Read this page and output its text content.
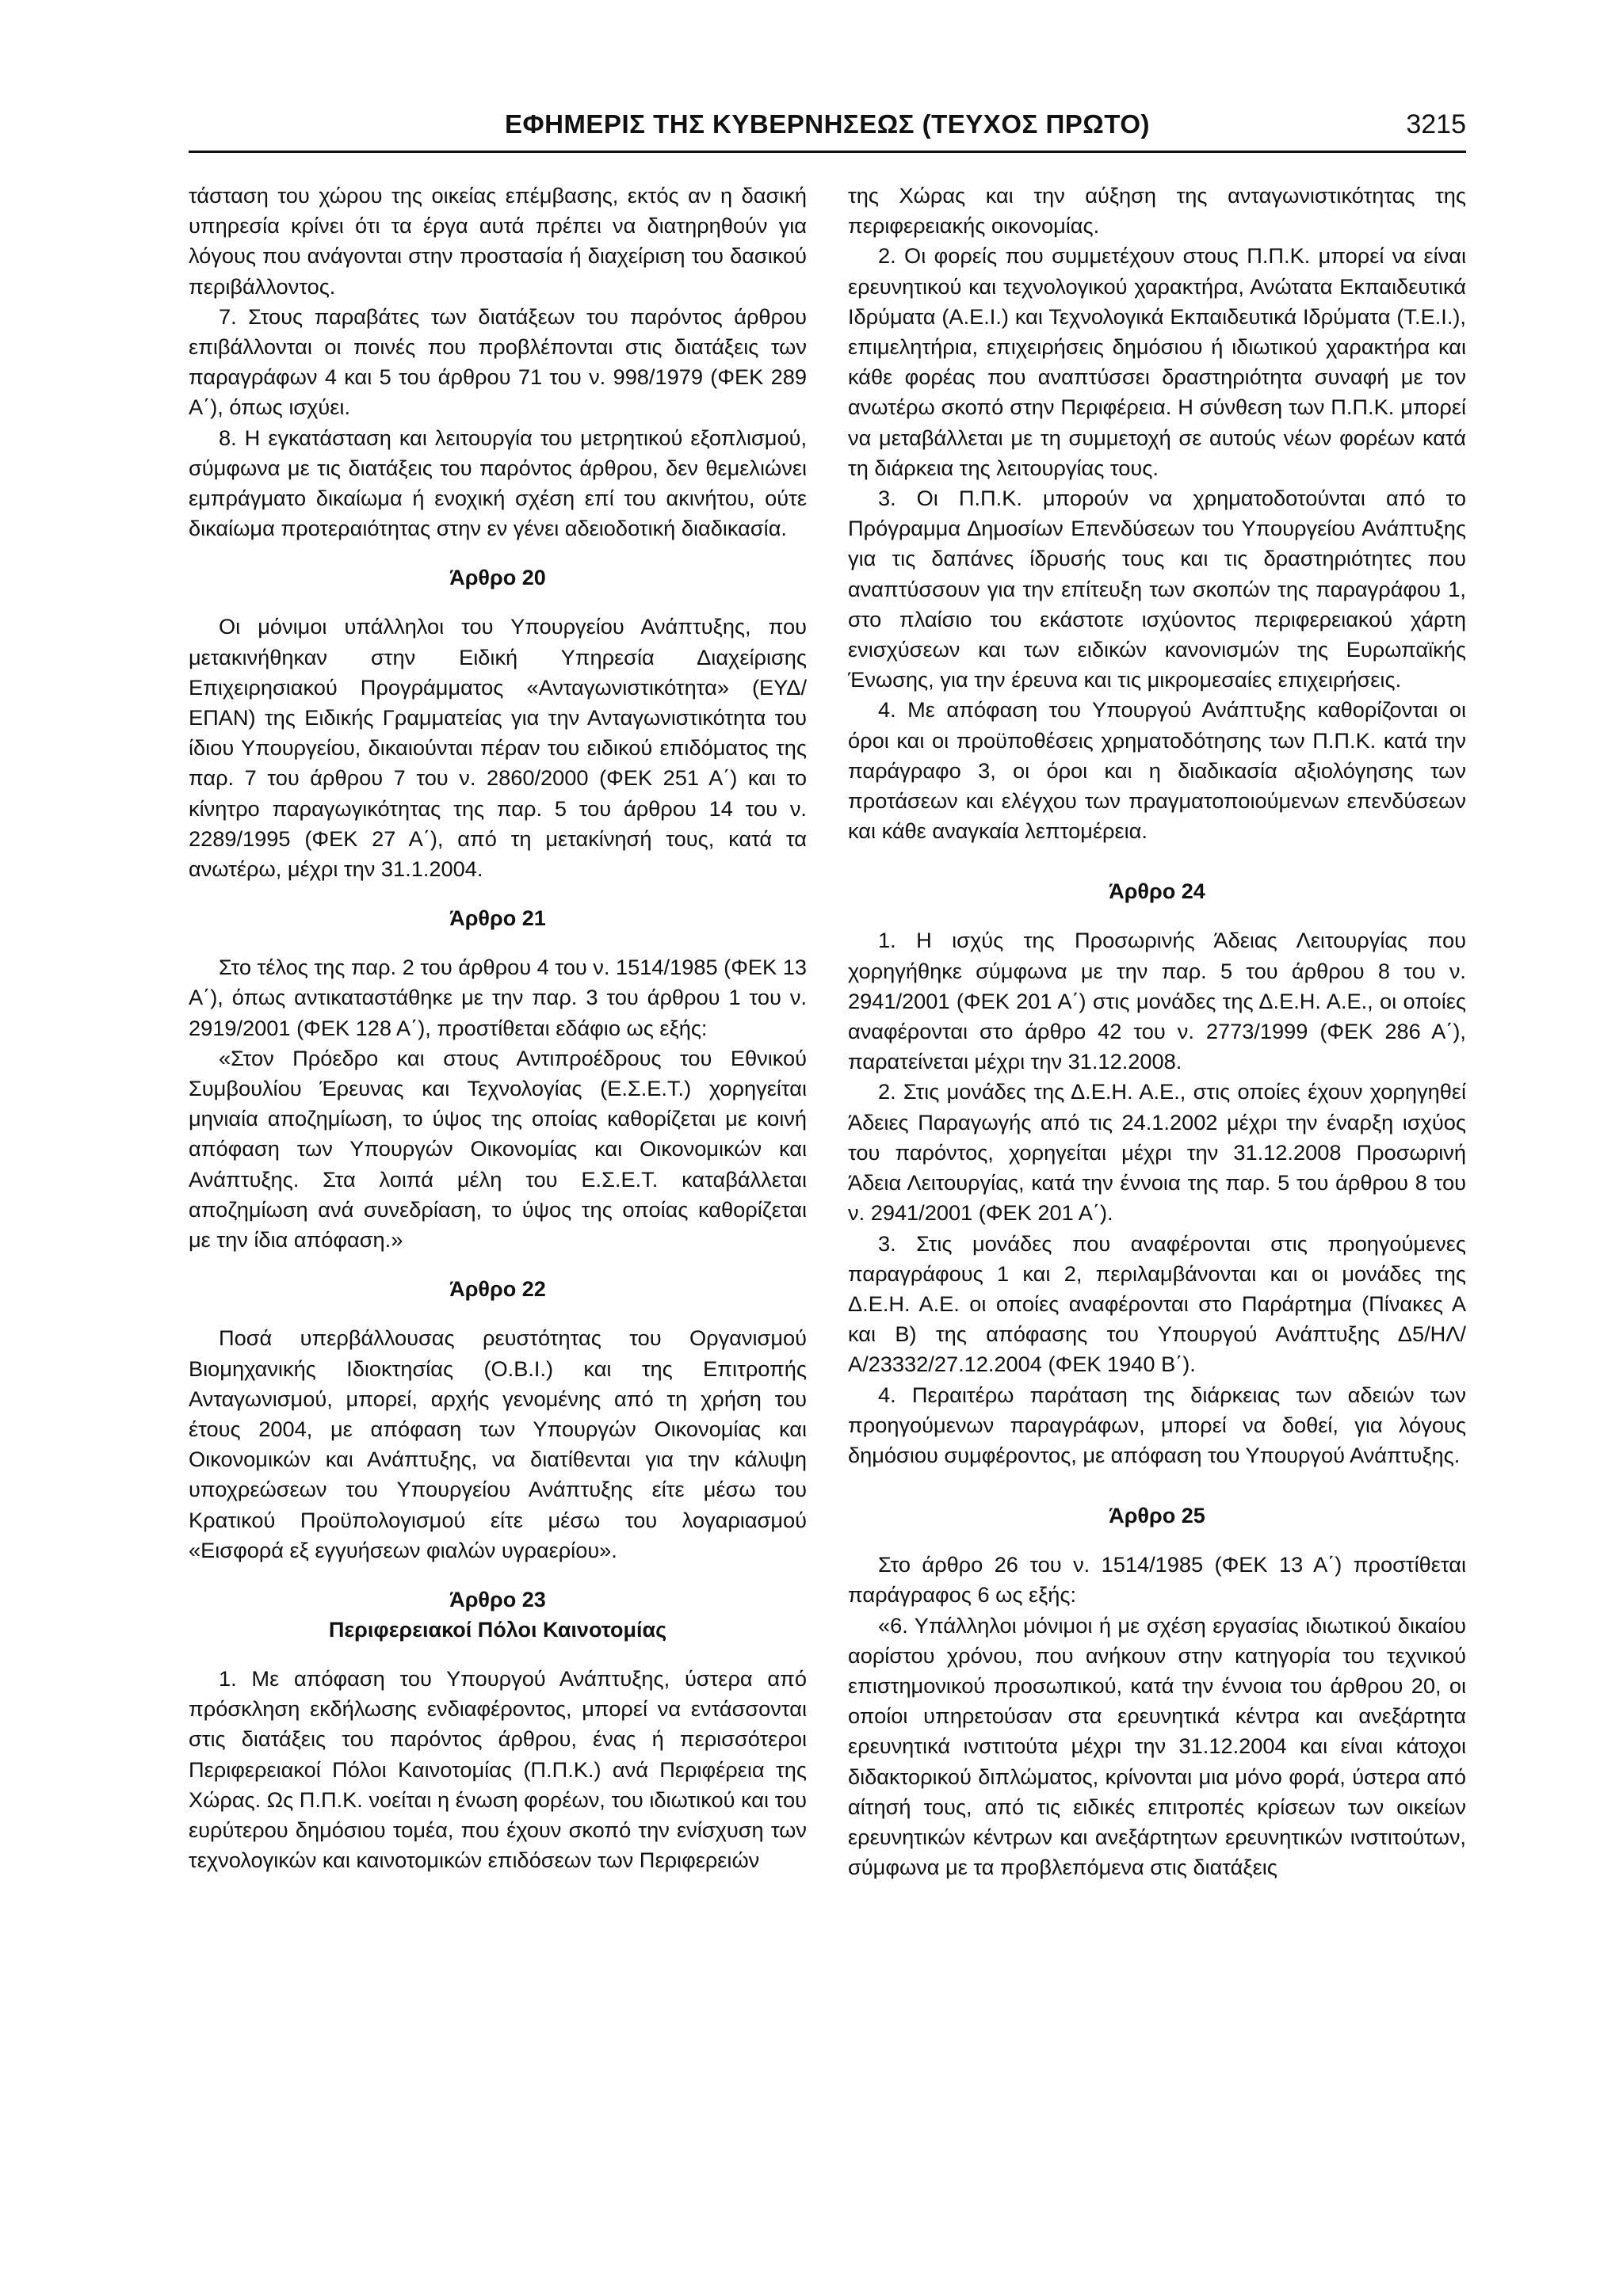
ΕΦΗΜΕΡΙΣ ΤΗΣ ΚΥΒΕΡΝΗΣΕΩΣ (ΤΕΥΧΟΣ ΠΡΩΤΟ)	3215

τάσταση του χώρου της οικείας επέμβασης, εκτός αν η δασική υπηρεσία κρίνει ότι τα έργα αυτά πρέπει να διατηρηθούν για λόγους που ανάγονται στην προστασία ή διαχείριση του δασικού περιβάλλοντος.

7. Στους παραβάτες των διατάξεων του παρόντος άρθρου επιβάλλονται οι ποινές που προβλέπονται στις διατάξεις των παραγράφων 4 και 5 του άρθρου 71 του ν. 998/1979 (ΦΕΚ 289 Α΄), όπως ισχύει.

8. Η εγκατάσταση και λειτουργία του μετρητικού εξοπλισμού, σύμφωνα με τις διατάξεις του παρόντος άρθρου, δεν θεμελιώνει εμπράγματο δικαίωμα ή ενοχική σχέση επί του ακινήτου, ούτε δικαίωμα προτεραιότητας στην εν γένει αδειοδοτική διαδικασία.

Άρθρο 20

Οι μόνιμοι υπάλληλοι του Υπουργείου Ανάπτυξης, που μετακινήθηκαν στην Ειδική Υπηρεσία Διαχείρισης Επιχειρησιακού Προγράμματος «Ανταγωνιστικότητα» (ΕΥΔ/ΕΠΑΝ) της Ειδικής Γραμματείας για την Ανταγωνιστικότητα του ίδιου Υπουργείου, δικαιούνται πέραν του ειδικού επιδόματος της παρ. 7 του άρθρου 7 του ν. 2860/2000 (ΦΕΚ 251 Α΄) και το κίνητρο παραγωγικότητας της παρ. 5 του άρθρου 14 του ν. 2289/1995 (ΦΕΚ 27 Α΄), από τη μετακίνησή τους, κατά τα ανωτέρω, μέχρι την 31.1.2004.

Άρθρο 21

Στο τέλος της παρ. 2 του άρθρου 4 του ν. 1514/1985 (ΦΕΚ 13 Α΄), όπως αντικαταστάθηκε με την παρ. 3 του άρθρου 1 του ν. 2919/2001 (ΦΕΚ 128 Α΄), προστίθεται εδάφιο ως εξής:

«Στον Πρόεδρο και στους Αντιπροέδρους του Εθνικού Συμβουλίου Έρευνας και Τεχνολογίας (Ε.Σ.Ε.Τ.) χορηγείται μηνιαία αποζημίωση, το ύψος της οποίας καθορίζεται με κοινή απόφαση των Υπουργών Οικονομίας και Οικονομικών και Ανάπτυξης. Στα λοιπά μέλη του Ε.Σ.Ε.Τ. καταβάλλεται αποζημίωση ανά συνεδρίαση, το ύψος της οποίας καθορίζεται με την ίδια απόφαση.»

Άρθρο 22

Ποσά υπερβάλλουσας ρευστότητας του Οργανισμού Βιομηχανικής Ιδιοκτησίας (Ο.Β.Ι.) και της Επιτροπής Ανταγωνισμού, μπορεί, αρχής γενομένης από τη χρήση του έτους 2004, με απόφαση των Υπουργών Οικονομίας και Οικονομικών και Ανάπτυξης, να διατίθενται για την κάλυψη υποχρεώσεων του Υπουργείου Ανάπτυξης είτε μέσω του Κρατικού Προϋπολογισμού είτε μέσω του λογαριασμού «Εισφορά εξ εγγυήσεων φιαλών υγραερίου».

Άρθρο 23
Περιφερειακοί Πόλοι Καινοτομίας

1. Με απόφαση του Υπουργού Ανάπτυξης, ύστερα από πρόσκληση εκδήλωσης ενδιαφέροντος, μπορεί να εντάσσονται στις διατάξεις του παρόντος άρθρου, ένας ή περισσότεροι Περιφερειακοί Πόλοι Καινοτομίας (Π.Π.Κ.) ανά Περιφέρεια της Χώρας. Ως Π.Π.Κ. νοείται η ένωση φορέων, του ιδιωτικού και του ευρύτερου δημόσιου τομέα, που έχουν σκοπό την ενίσχυση των τεχνολογικών και καινοτομικών επιδόσεων των Περιφερειών

της Χώρας και την αύξηση της ανταγωνιστικότητας της περιφερειακής οικονομίας.

2. Οι φορείς που συμμετέχουν στους Π.Π.Κ. μπορεί να είναι ερευνητικού και τεχνολογικού χαρακτήρα, Ανώτατα Εκπαιδευτικά Ιδρύματα (Α.Ε.Ι.) και Τεχνολογικά Εκπαιδευτικά Ιδρύματα (Τ.Ε.Ι.), επιμελητήρια, επιχειρήσεις δημόσιου ή ιδιωτικού χαρακτήρα και κάθε φορέας που αναπτύσσει δραστηριότητα συναφή με τον ανωτέρω σκοπό στην Περιφέρεια. Η σύνθεση των Π.Π.Κ. μπορεί να μεταβάλλεται με τη συμμετοχή σε αυτούς νέων φορέων κατά τη διάρκεια της λειτουργίας τους.

3. Οι Π.Π.Κ. μπορούν να χρηματοδοτούνται από το Πρόγραμμα Δημοσίων Επενδύσεων του Υπουργείου Ανάπτυξης για τις δαπάνες ίδρυσής τους και τις δραστηριότητες που αναπτύσσουν για την επίτευξη των σκοπών της παραγράφου 1, στο πλαίσιο του εκάστοτε ισχύοντος περιφερειακού χάρτη ενισχύσεων και των ειδικών κανονισμών της Ευρωπαϊκής Ένωσης, για την έρευνα και τις μικρομεσαίες επιχειρήσεις.

4. Με απόφαση του Υπουργού Ανάπτυξης καθορίζονται οι όροι και οι προϋποθέσεις χρηματοδότησης των Π.Π.Κ. κατά την παράγραφο 3, οι όροι και η διαδικασία αξιολόγησης των προτάσεων και ελέγχου των πραγματοποιούμενων επενδύσεων και κάθε αναγκαία λεπτομέρεια.

Άρθρο 24

1. Η ισχύς της Προσωρινής Άδειας Λειτουργίας που χορηγήθηκε σύμφωνα με την παρ. 5 του άρθρου 8 του ν. 2941/2001 (ΦΕΚ 201 Α΄) στις μονάδες της Δ.Ε.Η. Α.Ε., οι οποίες αναφέρονται στο άρθρο 42 του ν. 2773/1999 (ΦΕΚ 286 Α΄), παρατείνεται μέχρι την 31.12.2008.

2. Στις μονάδες της Δ.Ε.Η. Α.Ε., στις οποίες έχουν χορηγηθεί Άδειες Παραγωγής από τις 24.1.2002 μέχρι την έναρξη ισχύος του παρόντος, χορηγείται μέχρι την 31.12.2008 Προσωρινή Άδεια Λειτουργίας, κατά την έννοια της παρ. 5 του άρθρου 8 του ν. 2941/2001 (ΦΕΚ 201 Α΄).

3. Στις μονάδες που αναφέρονται στις προηγούμενες παραγράφους 1 και 2, περιλαμβάνονται και οι μονάδες της Δ.Ε.Η. Α.Ε. οι οποίες αναφέρονται στο Παράρτημα (Πίνακες Α και Β) της απόφασης του Υπουργού Ανάπτυξης Δ5/ΗΛ/Α/23332/27.12.2004 (ΦΕΚ 1940 Β΄).

4. Περαιτέρω παράταση της διάρκειας των αδειών των προηγούμενων παραγράφων, μπορεί να δοθεί, για λόγους δημόσιου συμφέροντος, με απόφαση του Υπουργού Ανάπτυξης.

Άρθρο 25

Στο άρθρο 26 του ν. 1514/1985 (ΦΕΚ 13 Α΄) προστίθεται παράγραφος 6 ως εξής:

«6. Υπάλληλοι μόνιμοι ή με σχέση εργασίας ιδιωτικού δικαίου αορίστου χρόνου, που ανήκουν στην κατηγορία του τεχνικού επιστημονικού προσωπικού, κατά την έννοια του άρθρου 20, οι οποίοι υπηρετούσαν στα ερευνητικά κέντρα και ανεξάρτητα ερευνητικά ινστιτούτα μέχρι την 31.12.2004 και είναι κάτοχοι διδακτορικού διπλώματος, κρίνονται μια μόνο φορά, ύστερα από αίτησή τους, από τις ειδικές επιτροπές κρίσεων των οικείων ερευνητικών κέντρων και ανεξάρτητων ερευνητικών ινστιτούτων, σύμφωνα με τα προβλεπόμενα στις διατάξεις
